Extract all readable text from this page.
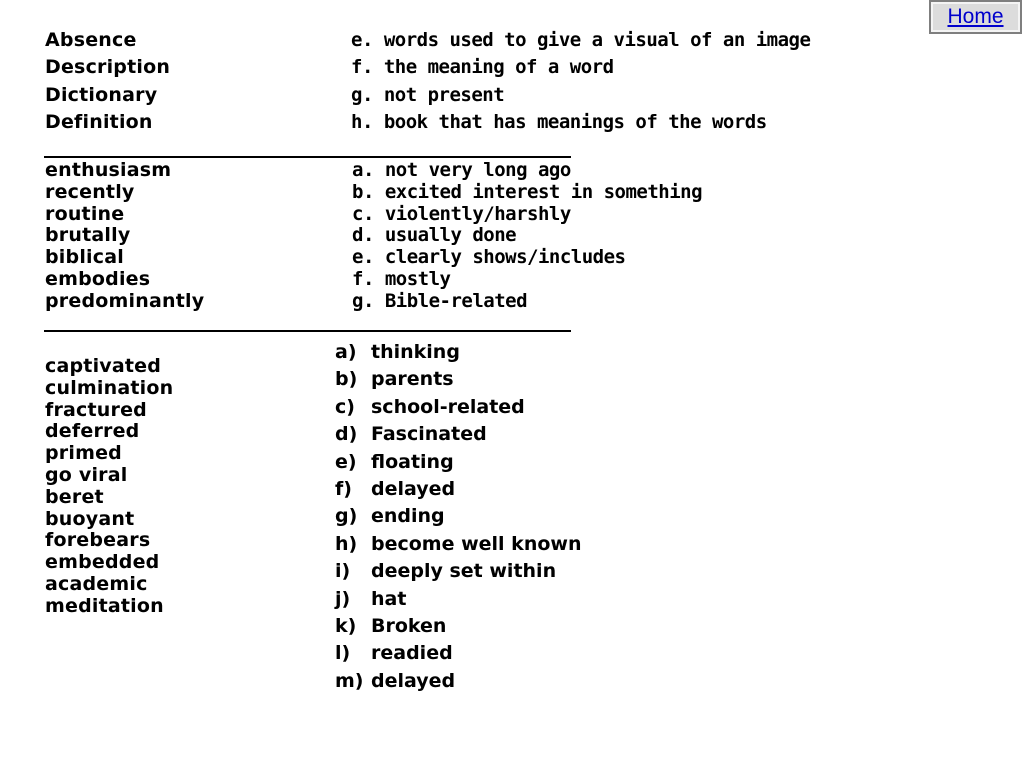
Home
Absence
Description
Dictionary
Definition
e. words used to give a visual of an image
f. the meaning of a word
g. not present
h. book that has meanings of the words
enthusiasm
recently
routine
brutally
biblical
embodies
predominantly
a. not very long ago
b. excited interest in something
c. violently/harshly
d. usually done
e. clearly shows/includes
f. mostly
g. Bible-related
captivated
culmination
fractured
deferred
primed
go viral
beret
buoyant
forebears
embedded
academic
meditation
a) thinking
b) parents
c) school-related
d) Fascinated
e) floating
f) delayed
g) ending
h) become well known
i) deeply set within
j) hat
k) Broken
l) readied
m) delayed
